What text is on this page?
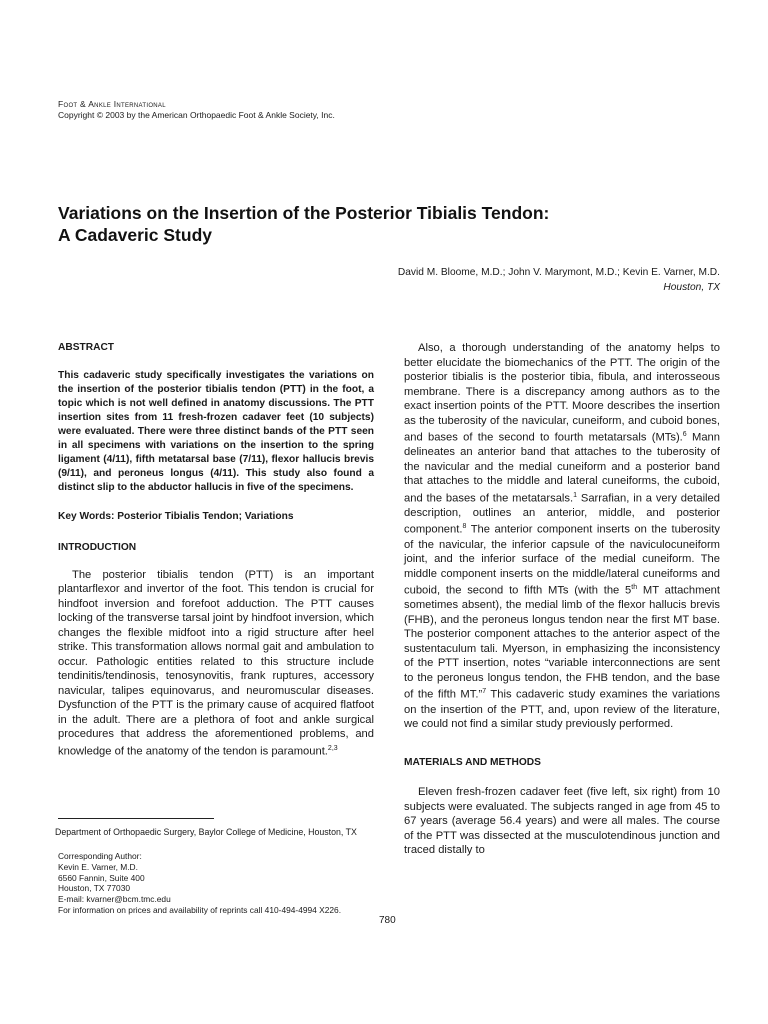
Foot & Ankle International
Copyright © 2003 by the American Orthopaedic Foot & Ankle Society, Inc.
Variations on the Insertion of the Posterior Tibialis Tendon:
A Cadaveric Study
David M. Bloome, M.D.; John V. Marymont, M.D.; Kevin E. Varner, M.D.
Houston, TX
ABSTRACT
This cadaveric study specifically investigates the variations on the insertion of the posterior tibialis tendon (PTT) in the foot, a topic which is not well defined in anatomy discussions. The PTT insertion sites from 11 fresh-frozen cadaver feet (10 subjects) were evaluated. There were three distinct bands of the PTT seen in all specimens with variations on the insertion to the spring ligament (4/11), fifth metatarsal base (7/11), flexor hallucis brevis (9/11), and peroneus longus (4/11). This study also found a distinct slip to the abductor hallucis in five of the specimens.
Key Words: Posterior Tibialis Tendon; Variations
INTRODUCTION
The posterior tibialis tendon (PTT) is an important plantarflexor and invertor of the foot. This tendon is crucial for hindfoot inversion and forefoot adduction. The PTT causes locking of the transverse tarsal joint by hindfoot inversion, which changes the flexible midfoot into a rigid structure after heel strike. This transformation allows normal gait and ambulation to occur. Pathologic entities related to this structure include tendinitis/tendinosis, tenosynovitis, frank ruptures, accessory navicular, talipes equinovarus, and neuromuscular diseases. Dysfunction of the PTT is the primary cause of acquired flatfoot in the adult. There are a plethora of foot and ankle surgical procedures that address the aforementioned problems, and knowledge of the anatomy of the tendon is paramount.$^{2,3}$
Also, a thorough understanding of the anatomy helps to better elucidate the biomechanics of the PTT. The origin of the posterior tibialis is the posterior tibia, fibula, and interosseous membrane. There is a discrepancy among authors as to the exact insertion points of the PTT. Moore describes the insertion as the tuberosity of the navicular, cuneiform, and cuboid bones, and bases of the second to fourth metatarsals (MTs).$^6$ Mann delineates an anterior band that attaches to the tuberosity of the navicular and the medial cuneiform and a posterior band that attaches to the middle and lateral cuneiforms, the cuboid, and the bases of the metatarsals.$^1$ Sarrafian, in a very detailed description, outlines an anterior, middle, and posterior component.$^8$ The anterior component inserts on the tuberosity of the navicular, the inferior capsule of the naviculocuneiform joint, and the inferior surface of the medial cuneiform. The middle component inserts on the middle/lateral cuneiforms and cuboid, the second to fifth MTs (with the 5th MT attachment sometimes absent), the medial limb of the flexor hallucis brevis (FHB), and the peroneus longus tendon near the first MT base. The posterior component attaches to the anterior aspect of the sustentaculum tali. Myerson, in emphasizing the inconsistency of the PTT insertion, notes “variable interconnections are sent to the peroneus longus tendon, the FHB tendon, and the base of the fifth MT.”$^7$ This cadaveric study examines the variations on the insertion of the PTT, and, upon review of the literature, we could not find a similar study previously performed.
MATERIALS AND METHODS
Eleven fresh-frozen cadaver feet (five left, six right) from 10 subjects were evaluated. The subjects ranged in age from 45 to 67 years (average 56.4 years) and were all males. The course of the PTT was dissected at the musculotendinous junction and traced distally to
Department of Orthopaedic Surgery, Baylor College of Medicine, Houston, TX
Corresponding Author:
Kevin E. Varner, M.D.
6560 Fannin, Suite 400
Houston, TX 77030
E-mail: kvarner@bcm.tmc.edu
For information on prices and availability of reprints call 410-494-4994 X226.
780
